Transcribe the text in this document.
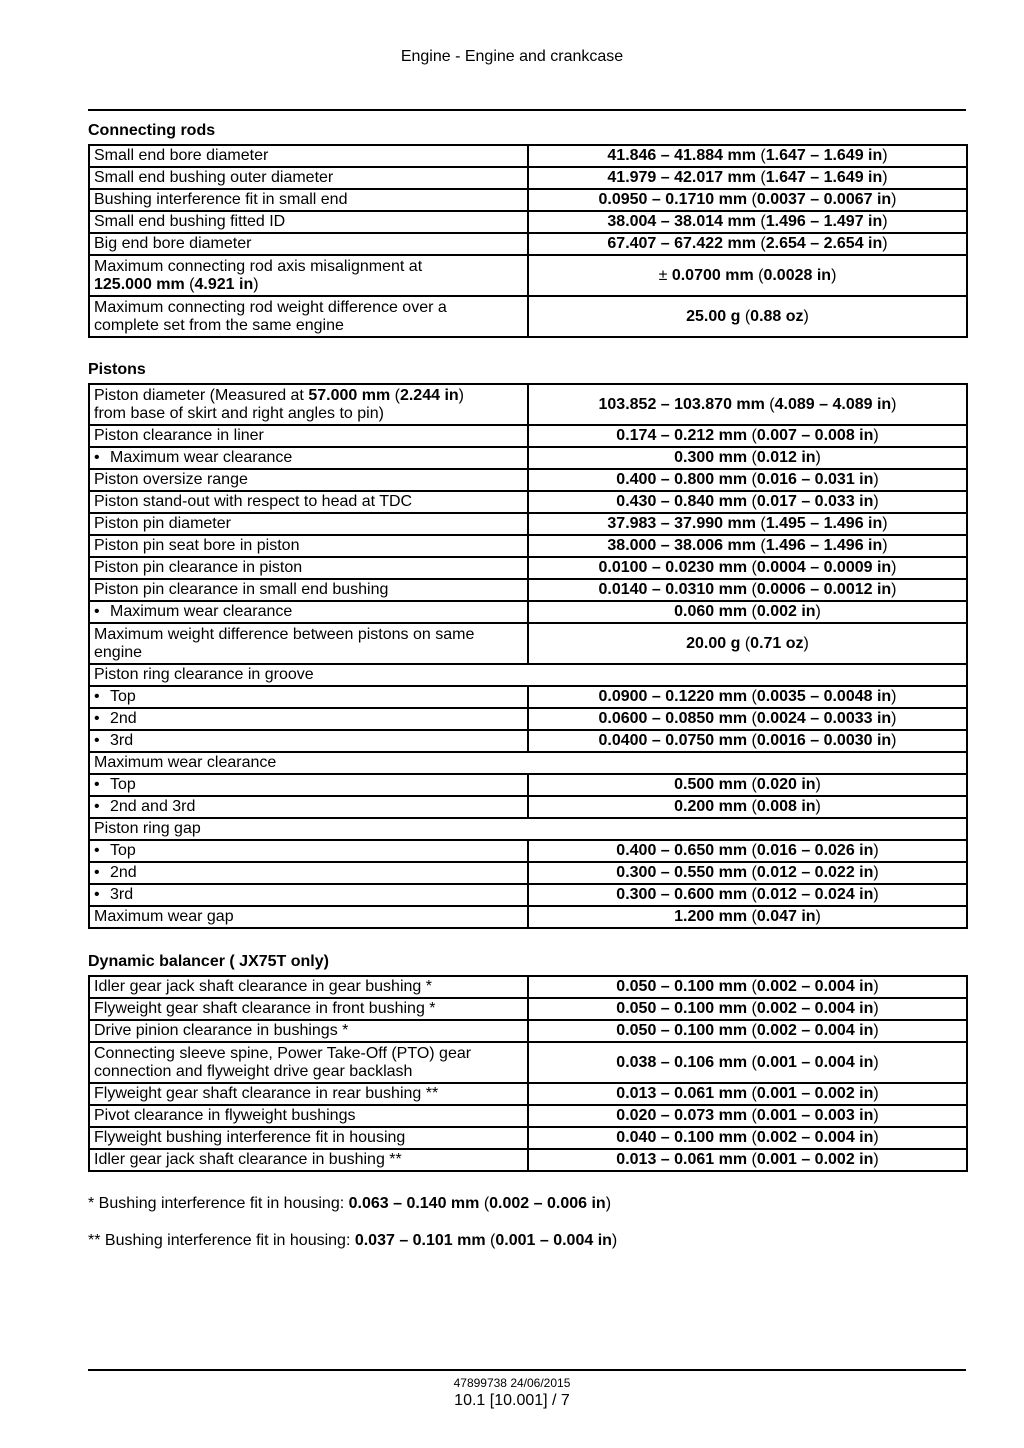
Engine - Engine and crankcase
Connecting rods
Small end bore diameter	41.846 – 41.884 mm (1.647 – 1.649 in)
Small end bushing outer diameter	41.979 – 42.017 mm (1.647 – 1.649 in)
Bushing interference fit in small end	0.0950 – 0.1710 mm (0.0037 – 0.0067 in)
Small end bushing fitted ID	38.004 – 38.014 mm (1.496 – 1.497 in)
Big end bore diameter	67.407 – 67.422 mm (2.654 – 2.654 in)
Maximum connecting rod axis misalignment at
125.000 mm (4.921 in)	± 0.0700 mm (0.0028 in)
Maximum connecting rod weight difference over a
complete set from the same engine	25.00 g (0.88 oz)
Pistons
Piston diameter (Measured at 57.000 mm (2.244 in)
from base of skirt and right angles to pin)	103.852 – 103.870 mm (4.089 – 4.089 in)
Piston clearance in liner	0.174 – 0.212 mm (0.007 – 0.008 in)
• Maximum wear clearance	0.300 mm (0.012 in)
Piston oversize range	0.400 – 0.800 mm (0.016 – 0.031 in)
Piston stand-out with respect to head at TDC	0.430 – 0.840 mm (0.017 – 0.033 in)
Piston pin diameter	37.983 – 37.990 mm (1.495 – 1.496 in)
Piston pin seat bore in piston	38.000 – 38.006 mm (1.496 – 1.496 in)
Piston pin clearance in piston	0.0100 – 0.0230 mm (0.0004 – 0.0009 in)
Piston pin clearance in small end bushing	0.0140 – 0.0310 mm (0.0006 – 0.0012 in)
• Maximum wear clearance	0.060 mm (0.002 in)
Maximum weight difference between pistons on same
engine	20.00 g (0.71 oz)
Piston ring clearance in groove	
• Top	0.0900 – 0.1220 mm (0.0035 – 0.0048 in)
• 2nd	0.0600 – 0.0850 mm (0.0024 – 0.0033 in)
• 3rd	0.0400 – 0.0750 mm (0.0016 – 0.0030 in)
Maximum wear clearance	
• Top	0.500 mm (0.020 in)
• 2nd and 3rd	0.200 mm (0.008 in)
Piston ring gap	
• Top	0.400 – 0.650 mm (0.016 – 0.026 in)
• 2nd	0.300 – 0.550 mm (0.012 – 0.022 in)
• 3rd	0.300 – 0.600 mm (0.012 – 0.024 in)
Maximum wear gap	1.200 mm (0.047 in)
Dynamic balancer ( JX75T only)
Idler gear jack shaft clearance in gear bushing *	0.050 – 0.100 mm (0.002 – 0.004 in)
Flyweight gear shaft clearance in front bushing *	0.050 – 0.100 mm (0.002 – 0.004 in)
Drive pinion clearance in bushings *	0.050 – 0.100 mm (0.002 – 0.004 in)
Connecting sleeve spine, Power Take-Off (PTO) gear
connection and flyweight drive gear backlash	0.038 – 0.106 mm (0.001 – 0.004 in)
Flyweight gear shaft clearance in rear bushing **	0.013 – 0.061 mm (0.001 – 0.002 in)
Pivot clearance in flyweight bushings	0.020 – 0.073 mm (0.001 – 0.003 in)
Flyweight bushing interference fit in housing	0.040 – 0.100 mm (0.002 – 0.004 in)
Idler gear jack shaft clearance in bushing **	0.013 – 0.061 mm (0.001 – 0.002 in)
* Bushing interference fit in housing: 0.063 – 0.140 mm (0.002 – 0.006 in)
** Bushing interference fit in housing: 0.037 – 0.101 mm (0.001 – 0.004 in)
47899738 24/06/2015
10.1 [10.001] / 7
